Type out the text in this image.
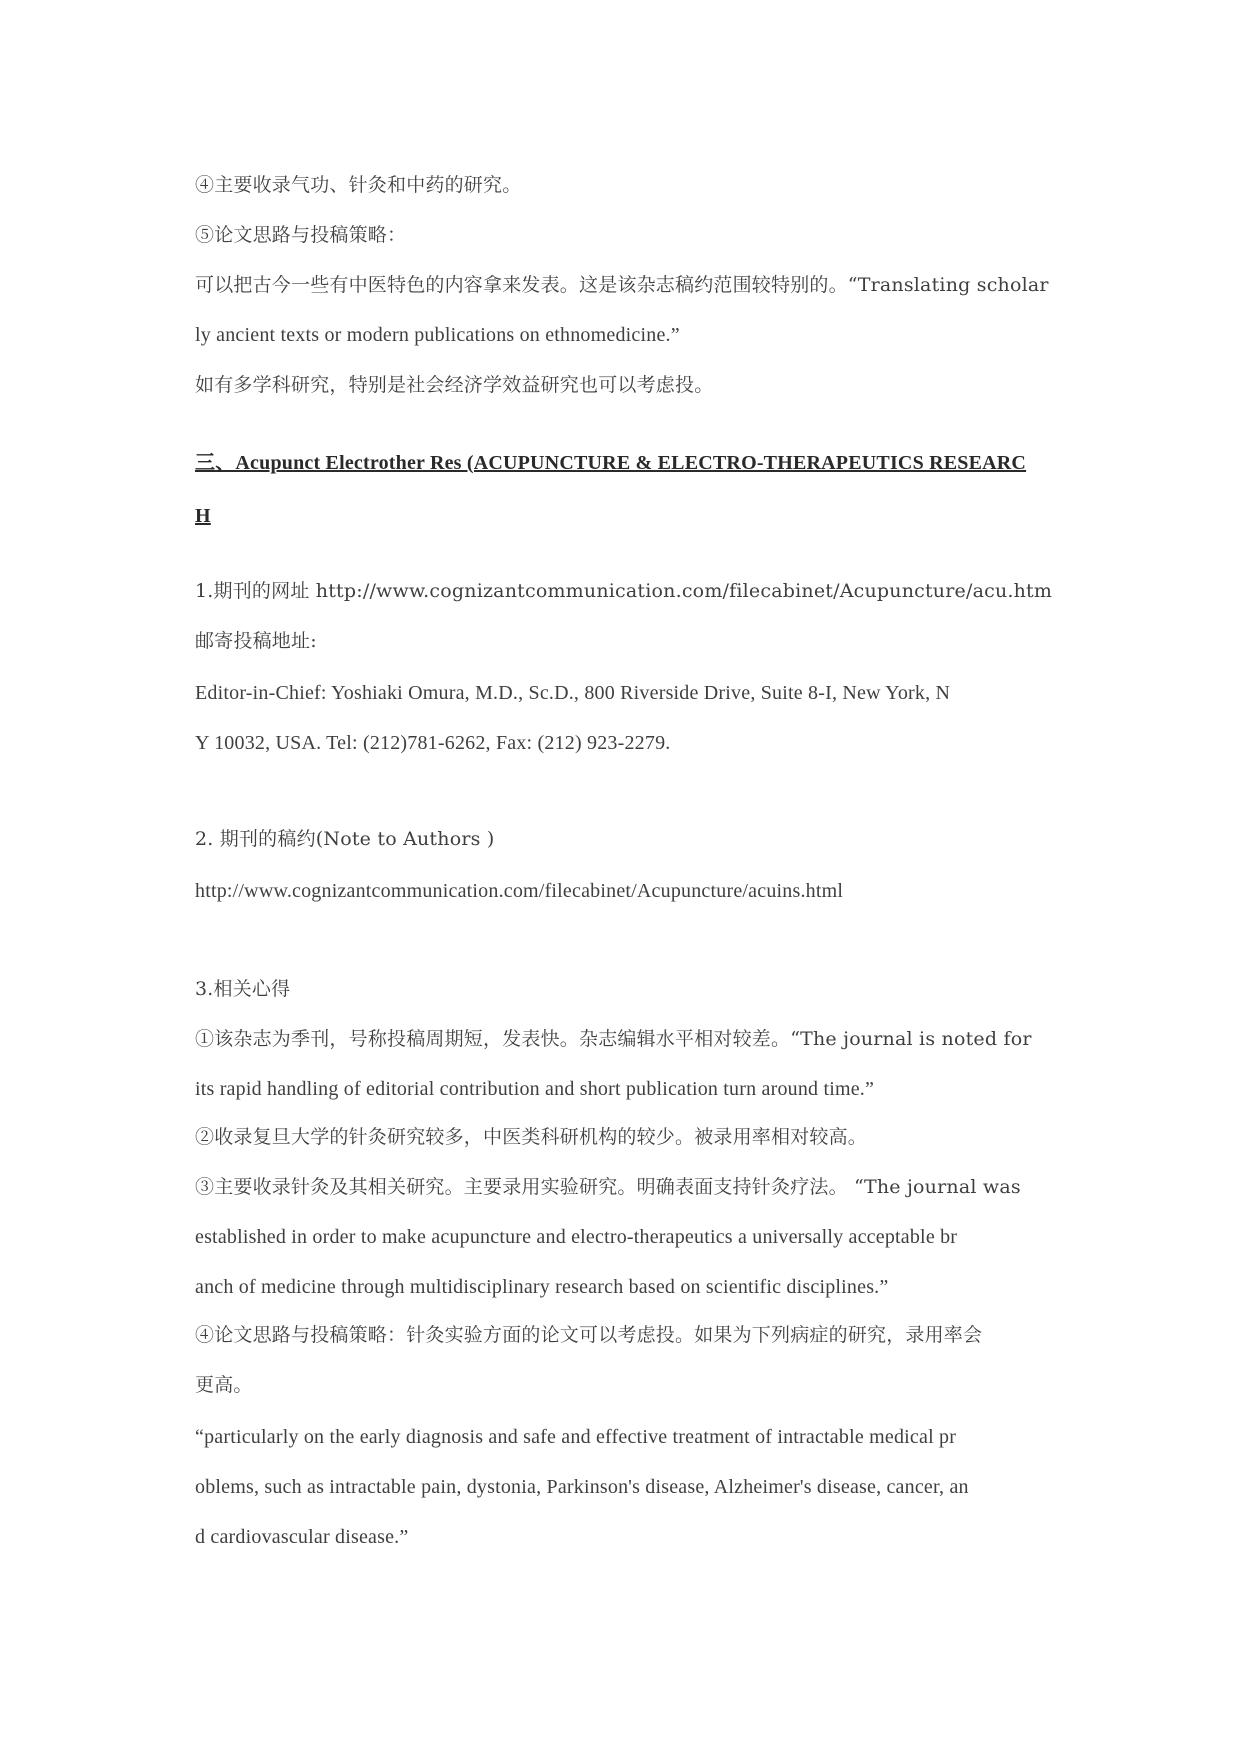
④主要收录气功、针灸和中药的研究。
⑤论文思路与投稿策略：
可以把古今一些有中医特色的内容拿来发表。这是该杂志稿约范围较特别的。“Translating scholar
ly ancient texts or modern publications on ethnomedicine.”
如有多学科研究，特别是社会经济学效益研究也可以考虑投。
三、Acupunct Electrother Res (ACUPUNCTURE & ELECTRO-THERAPEUTICS RESEARC
H
1.期刊的网址 http://www.cognizantcommunication.com/filecabinet/Acupuncture/acu.htm
邮寄投稿地址:
Editor-in-Chief: Yoshiaki Omura, M.D., Sc.D., 800 Riverside Drive, Suite 8-I, New York, N
Y 10032, USA. Tel: (212)781-6262, Fax: (212) 923-2279.
2. 期刊的稿约(Note to Authors )
http://www.cognizantcommunication.com/filecabinet/Acupuncture/acuins.html
3.相关心得
①该杂志为季刊，号称投稿周期短，发表快。杂志编辑水平相对较差。“The journal is noted for
its rapid handling of editorial contribution and short publication turn around time.”
②收录复旦大学的针灸研究较多，中医类科研机构的较少。被录用率相对较高。
③主要收录针灸及其相关研究。主要录用实验研究。明确表面支持针灸疗法。 “The journal was
established in order to make acupuncture and electro-therapeutics a universally acceptable br
anch of medicine through multidisciplinary research based on scientific disciplines.”
④论文思路与投稿策略：针灸实验方面的论文可以考虑投。如果为下列病症的研究，录用率会
更高。
“particularly on the early diagnosis and safe and effective treatment of intractable medical pr
oblems, such as intractable pain, dystonia, Parkinson's disease, Alzheimer's disease, cancer, an
d cardiovascular disease.”
